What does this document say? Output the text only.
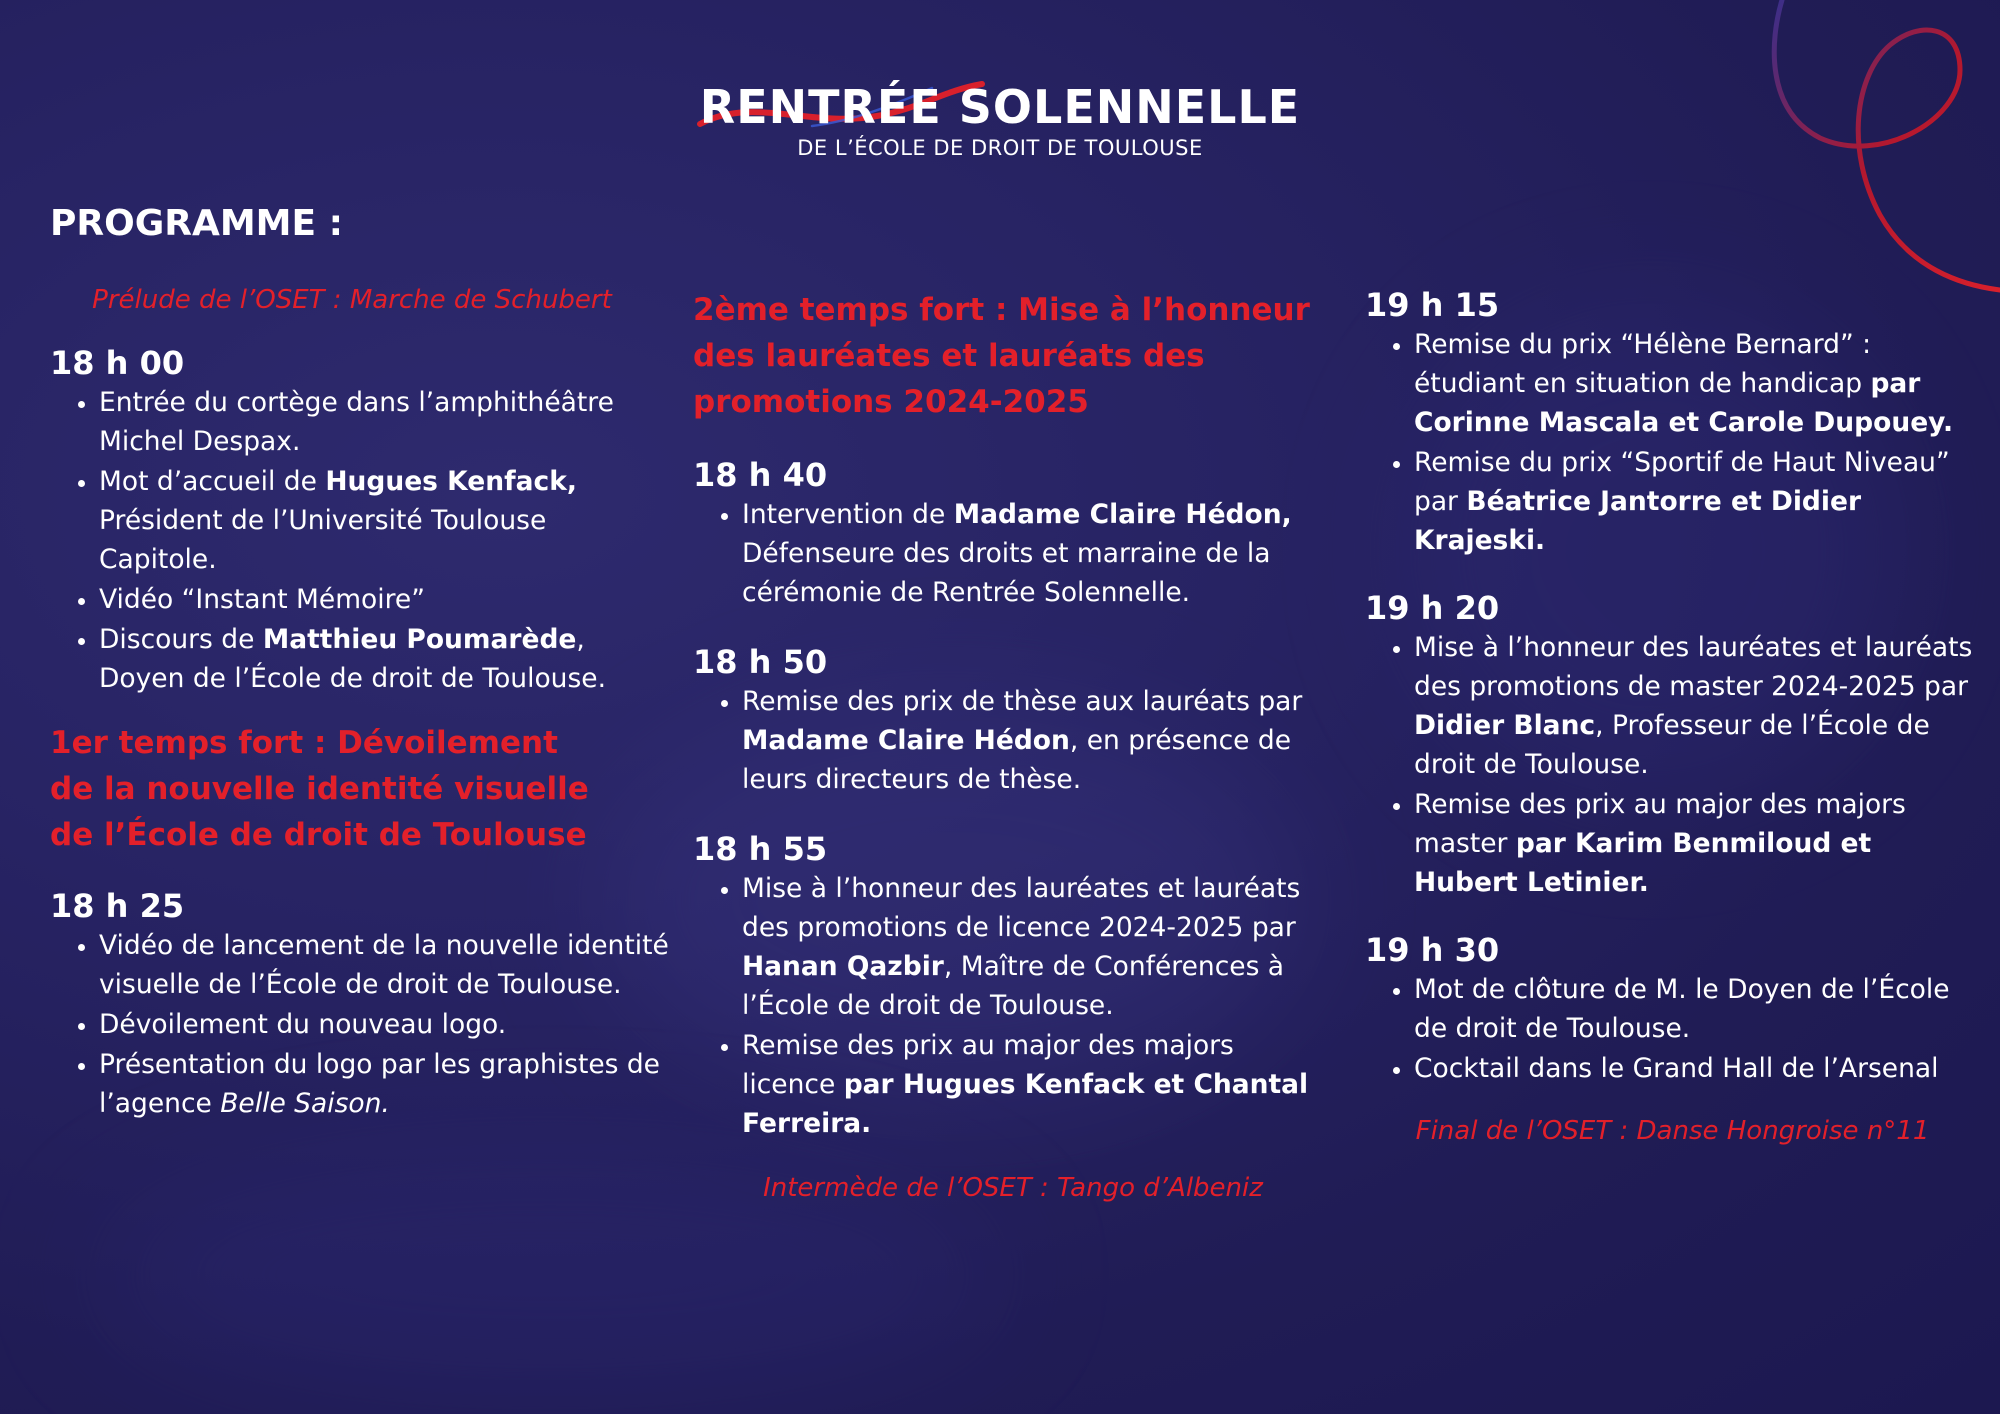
RENTRÉE SOLENNELLE
DE L’ÉCOLE DE DROIT DE TOULOUSE
PROGRAMME :

Prélude de l’OSET : Marche de Schubert

18 h 00

• Entrée du cortège dans l’amphithéâtre Michel Despax.
• Mot d’accueil de Hugues Kenfack, Président de l’Université Toulouse Capitole.
• Vidéo “Instant Mémoire”
• Discours de Matthieu Poumarède, Doyen de l’École de droit de Toulouse.

1er temps fort : Dévoilement de la nouvelle identité visuelle de l’École de droit de Toulouse

18 h 25

• Vidéo de lancement de la nouvelle identité visuelle de l’École de droit de Toulouse.
• Dévoilement du nouveau logo.
• Présentation du logo par les graphistes de l’agence Belle Saison.

2ème temps fort : Mise à l’honneur des lauréates et lauréats des promotions 2024-2025

18 h 40

• Intervention de Madame Claire Hédon, Défenseure des droits et marraine de la cérémonie de Rentrée Solennelle.

18 h 50

• Remise des prix de thèse aux lauréats par Madame Claire Hédon, en présence de leurs directeurs de thèse.

18 h 55

• Mise à l’honneur des lauréates et lauréats des promotions de licence 2024-2025 par Hanan Qazbir, Maître de Conférences à l’École de droit de Toulouse.
• Remise des prix au major des majors licence par Hugues Kenfack et Chantal Ferreira.

Intermède de l’OSET : Tango d’Albeniz

19 h 15

• Remise du prix “Hélène Bernard” : étudiant en situation de handicap par Corinne Mascala et Carole Dupouey.
• Remise du prix “Sportif de Haut Niveau” par Béatrice Jantorre et Didier Krajeski.

19 h 20

• Mise à l’honneur des lauréates et lauréats des promotions de master 2024-2025 par Didier Blanc, Professeur de l’École de droit de Toulouse.
• Remise des prix au major des majors master par Karim Benmiloud et Hubert Letinier.

19 h 30

• Mot de clôture de M. le Doyen de l’École de droit de Toulouse.
• Cocktail dans le Grand Hall de l’Arsenal

Final de l’OSET : Danse Hongroise n°11
